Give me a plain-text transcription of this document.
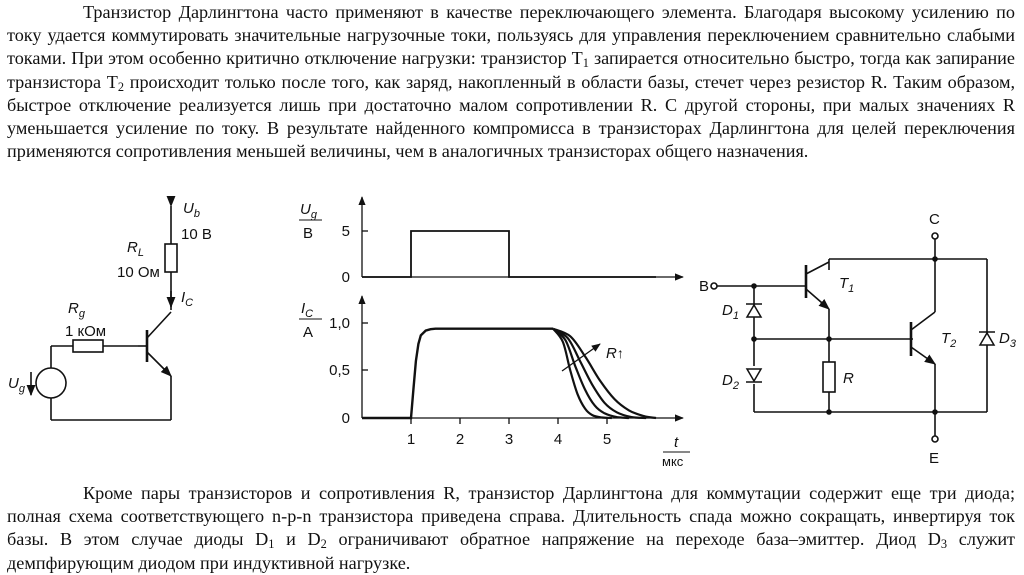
Транзистор Дарлингтона часто применяют в качестве переключающего элемента. Благодаря высокому усилению по току удается коммутировать значительные нагрузочные токи, пользуясь для управления переключением сравнительно слабыми токами. При этом особенно критично отключение нагрузки: транзистор $Т_1$ запирается относительно быстро, тогда как запирание транзистора $Т_2$ происходит только после того, как заряд, накопленный в области базы, стечет через резистор R. Таким образом, быстрое отключение реализуется лишь при достаточно малом сопротивлении R. С другой стороны, при малых значениях R уменьшается усиление по току. В результате найденного компромисса в транзисторах Дарлингтона для целей переключения применяются сопротивления меньшей величины, чем в аналогичных транзисторах общего назначения.

$U_b$
10 В
$R_L$
10 Ом
$I_C$
$R_g$
1 кОм
$U_g$
5
0
$U_g$
В
1,0
0,5
0
$I_C$
А
1	2	3	4	5	t
мкс
R↑
C
B
E
$T_1$
$T_2$
$D_1$
$D_2$
$D_3$
R

Кроме пары транзисторов и сопротивления R, транзистор Дарлингтона для коммутации содержит еще три диода; полная схема соответствующего n-p-n транзистора приведена справа. Длительность спада можно сокращать, инвертируя ток базы. В этом случае диоды $D_1$ и $D_2$ ограничивают обратное напряжение на переходе база–эмиттер. Диод $D_3$ служит демпфирующим диодом при индуктивной нагрузке.
